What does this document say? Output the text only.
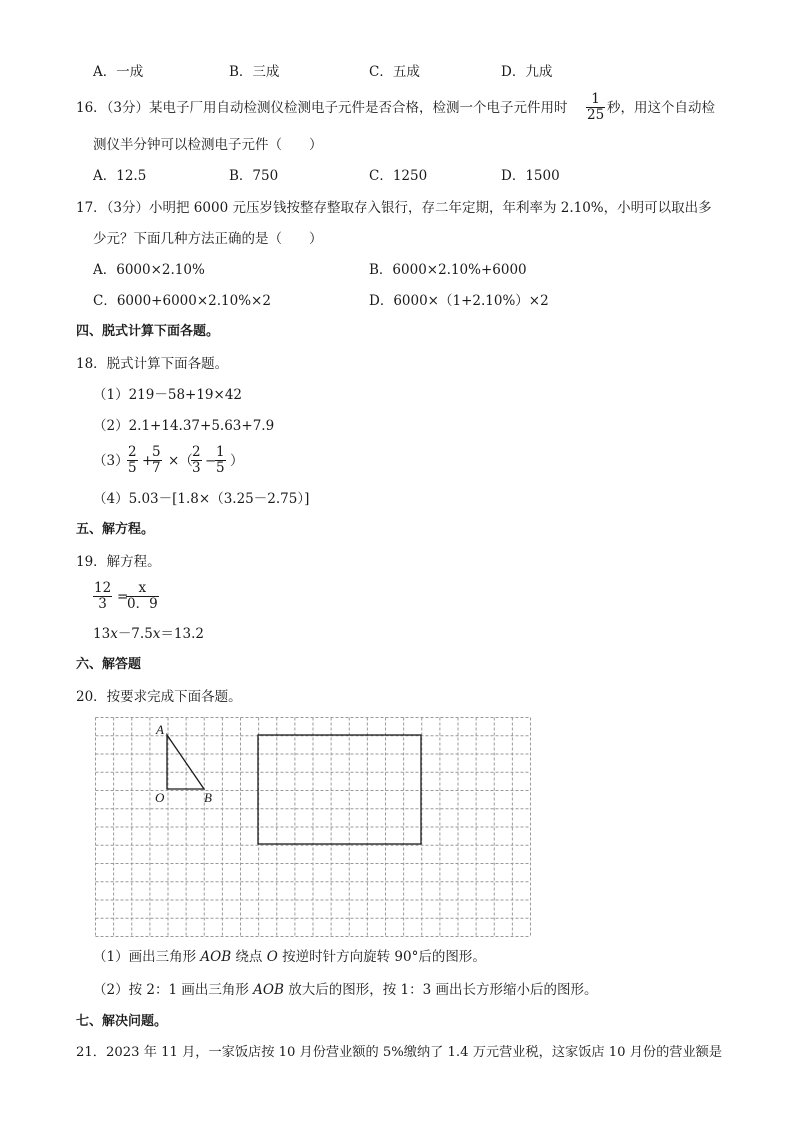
A．一成	B．三成	C．五成	D．九成
16．（3分）某电子厂用自动检测仪检测电子元件是否合格，检测一个电子元件用时 $\frac{1}{25}$ 秒，用这个自动检
测仪半分钟可以检测电子元件（　　）
A．12.5	B．750	C．1250	D．1500
17．（3分）小明把 6000 元压岁钱按整存整取存入银行，存二年定期，年利率为 2.10%，小明可以取出多
少元？下面几种方法正确的是（　　）
A．6000×2.10%	B．6000×2.10%+6000
C．6000+6000×2.10%×2	D．6000×（1+2.10%）×2
四、脱式计算下面各题。
18．脱式计算下面各题。
（1）219－58+19×42
（2）2.1+14.37+5.63+7.9
（3）
$\frac{2}{5}$ +
$\frac{5}{7}$ ×（
$\frac{2}{3}$ −
$\frac{1}{5}$ ）
（4）5.03－[1.8×（3.25－2.75）]
五、解方程。
19．解方程。
$\frac{12}{3}$ =
$\frac{x}{0.9}$
13x－7.5x＝13.2
六、解答题
20．按要求完成下面各题。
A
O	B
（1）画出三角形 AOB 绕点 O 按逆时针方向旋转 90°后的图形。
（2）按 2：1 画出三角形 AOB 放大后的图形，按 1：3 画出长方形缩小后的图形。
七、解决问题。
21．2023 年 11 月，一家饭店按 10 月份营业额的 5%缴纳了 1.4 万元营业税，这家饭店 10 月份的营业额是
